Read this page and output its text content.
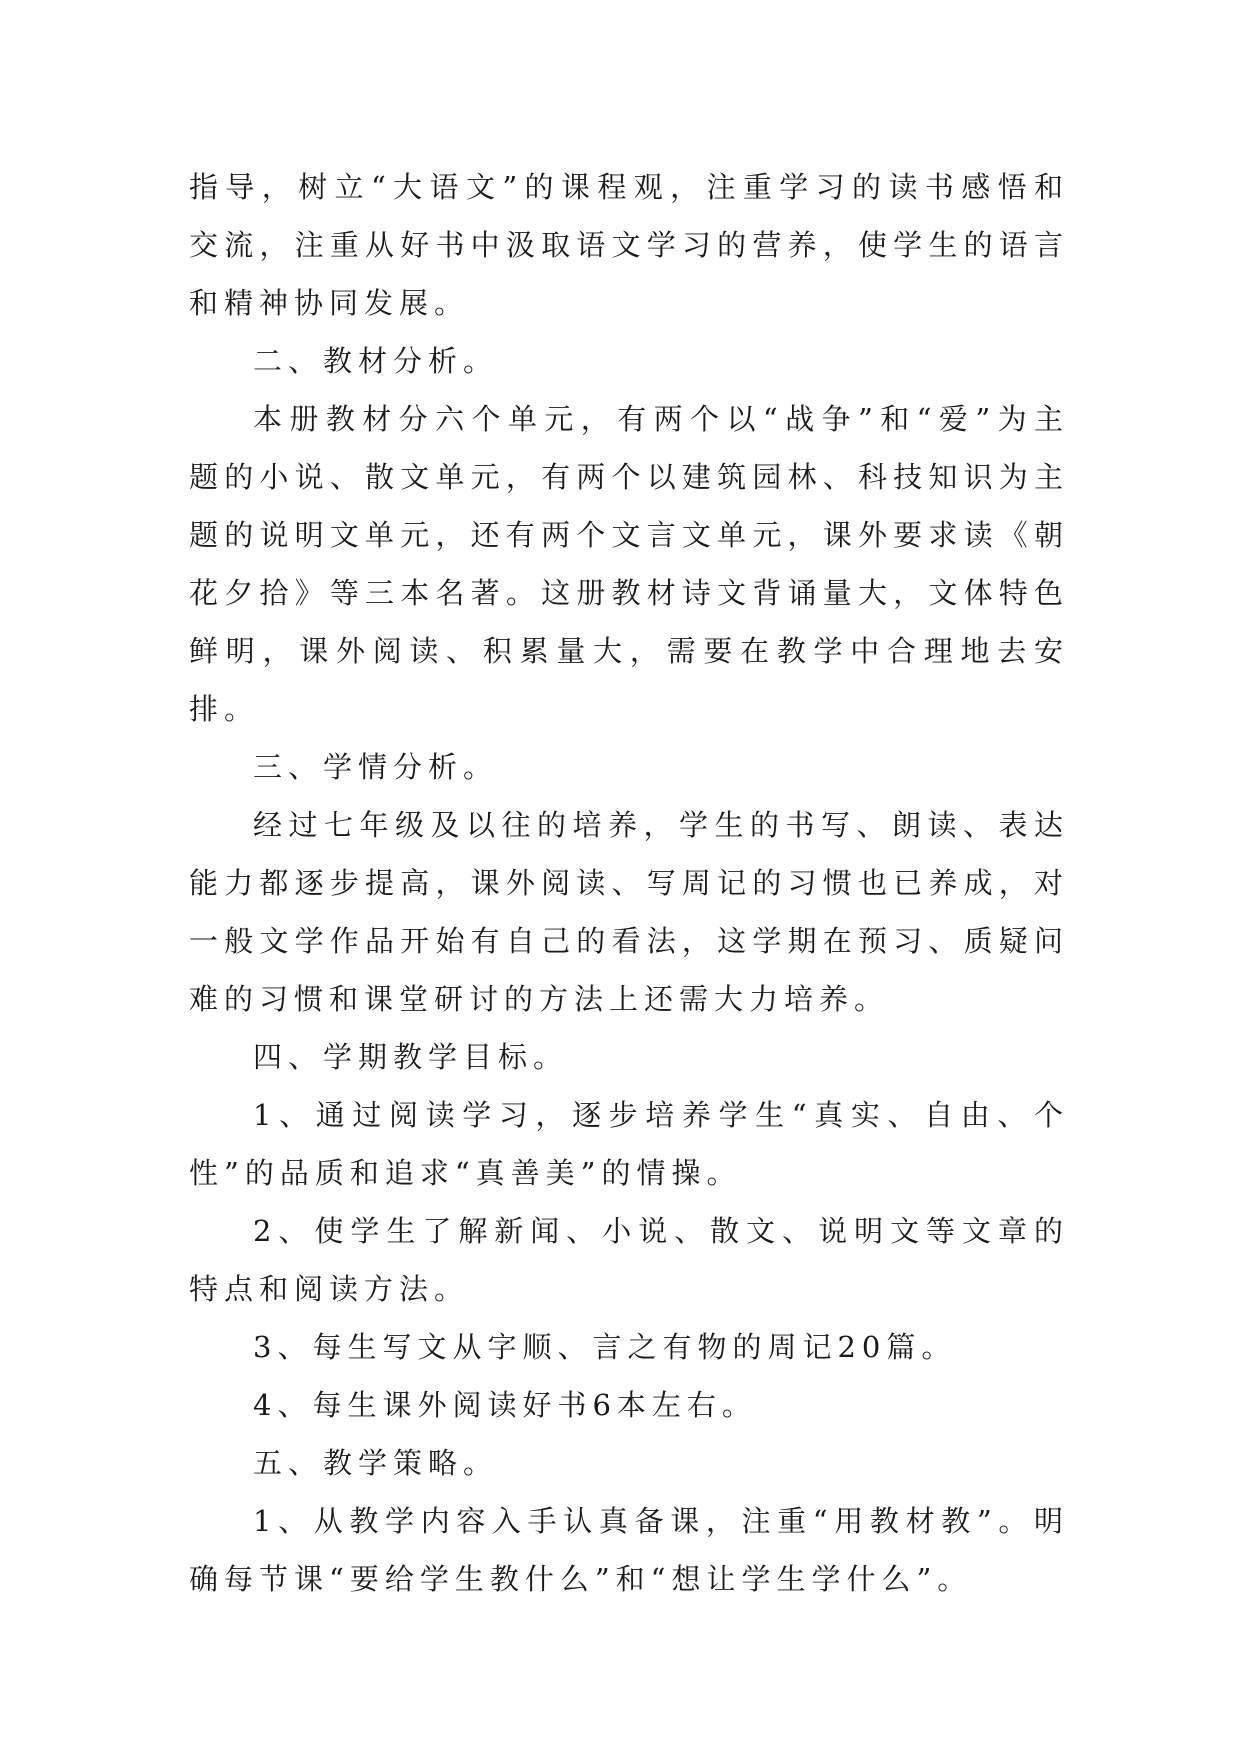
指导，树立“大语文”的课程观，注重学习的读书感悟和交流，注重从好书中汲取语文学习的营养，使学生的语言和精神协同发展。

二、教材分析。

本册教材分六个单元，有两个以“战争”和“爱”为主题的小说、散文单元，有两个以建筑园林、科技知识为主题的说明文单元，还有两个文言文单元，课外要求读《朝花夕拾》等三本名著。这册教材诗文背诵量大，文体特色鲜明，课外阅读、积累量大，需要在教学中合理地去安排。

三、学情分析。

经过七年级及以往的培养，学生的书写、朗读、表达能力都逐步提高，课外阅读、写周记的习惯也已养成，对一般文学作品开始有自己的看法，这学期在预习、质疑问难的习惯和课堂研讨的方法上还需大力培养。

四、学期教学目标。

1、通过阅读学习，逐步培养学生“真实、自由、个性”的品质和追求“真善美”的情操。

2、使学生了解新闻、小说、散文、说明文等文章的特点和阅读方法。

3、每生写文从字顺、言之有物的周记20篇。

4、每生课外阅读好书6本左右。

五、教学策略。

1、从教学内容入手认真备课，注重“用教材教”。明确每节课“要给学生教什么”和“想让学生学什么”。
